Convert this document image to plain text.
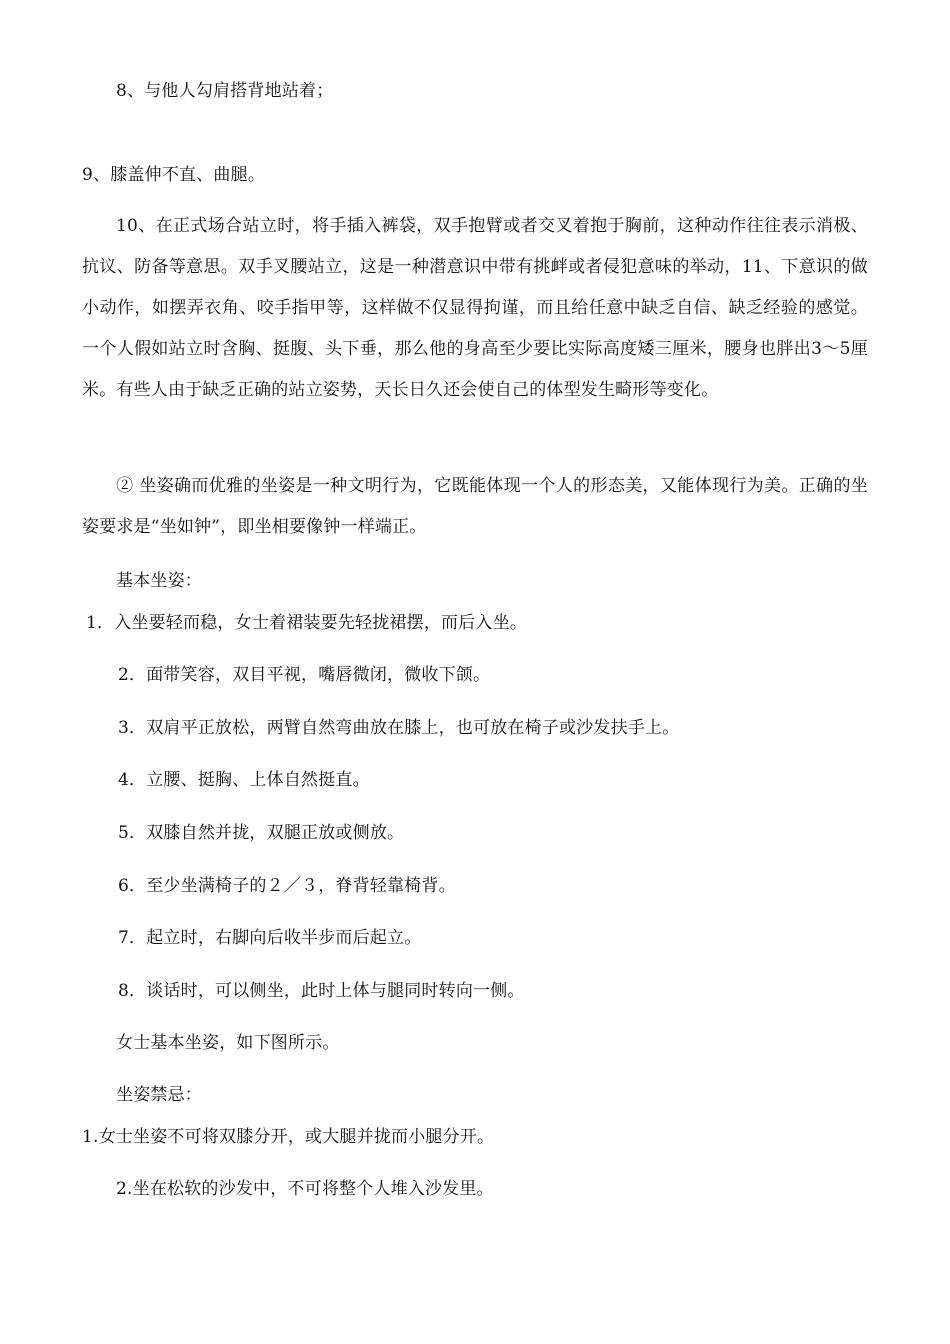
8、与他人勾肩搭背地站着；
9、膝盖伸不直、曲腿。
10、在正式场合站立时，将手插入裤袋，双手抱臂或者交叉着抱于胸前，这种动作往往表示消极、抗议、防备等意思。双手叉腰站立，这是一种潜意识中带有挑衅或者侵犯意味的举动，11、下意识的做小动作，如摆弄衣角、咬手指甲等，这样做不仅显得拘谨，而且给任意中缺乏自信、缺乏经验的感觉。一个人假如站立时含胸、挺腹、头下垂，那么他的身高至少要比实际高度矮三厘米，腰身也胖出3～5厘米。有些人由于缺乏正确的站立姿势，天长日久还会使自己的体型发生畸形等变化。
② 坐姿确而优雅的坐姿是一种文明行为，它既能体现一个人的形态美，又能体现行为美。正确的坐姿要求是“坐如钟”，即坐相要像钟一样端正。
基本坐姿：
1．入坐要轻而稳，女士着裙装要先轻拢裙摆，而后入坐。
2．面带笑容，双目平视，嘴唇微闭，微收下颌。
3．双肩平正放松，两臂自然弯曲放在膝上，也可放在椅子或沙发扶手上。
4．立腰、挺胸、上体自然挺直。
5．双膝自然并拢，双腿正放或侧放。
6．至少坐满椅子的２／３，脊背轻靠椅背。
7．起立时，右脚向后收半步而后起立。
8．谈话时，可以侧坐，此时上体与腿同时转向一侧。
女士基本坐姿，如下图所示。
坐姿禁忌：
1.女士坐姿不可将双膝分开，或大腿并拢而小腿分开。
2.坐在松软的沙发中，不可将整个人堆入沙发里。
